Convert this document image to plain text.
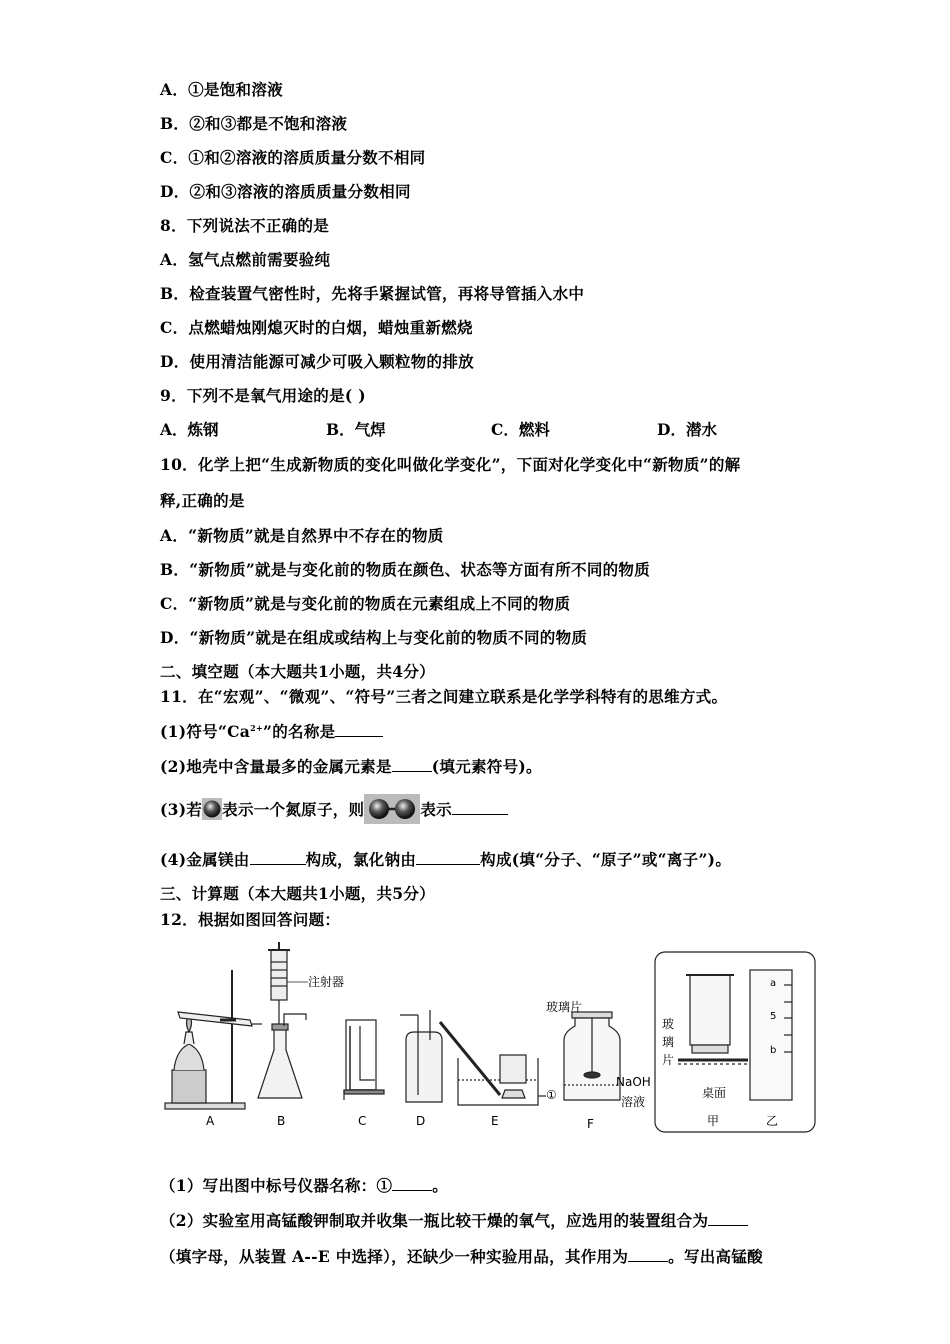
A．①是饱和溶液
B．②和③都是不饱和溶液
C．①和②溶液的溶质质量分数不相同
D．②和③溶液的溶质质量分数相同
8．下列说法不正确的是
A．氢气点燃前需要验纯
B．检查装置气密性时，先将手紧握试管，再将导管插入水中
C．点燃蜡烛刚熄灭时的白烟，蜡烛重新燃烧
D．使用清洁能源可减少可吸入颗粒物的排放
9．下列不是氧气用途的是( )
A．炼钢	B．气焊	C．燃料	D．潜水
10．化学上把“生成新物质的变化叫做化学变化”，下面对化学变化中“新物质”的解
释,正确的是
A．“新物质”就是自然界中不存在的物质
B．“新物质”就是与变化前的物质在颜色、状态等方面有所不同的物质
C．“新物质”就是与变化前的物质在元素组成上不同的物质
D．“新物质”就是在组成或结构上与变化前的物质不同的物质
二、填空题（本大题共1小题，共4分）
11．在“宏观”、“微观”、“符号”三者之间建立联系是化学学科特有的思维方式。
(1)符号“$Ca^{2+}$”的名称是
(2)地壳中含量最多的金属元素是	(填元素符号)。
(3)若 表示一个氮原子，则	表示
(4)金属镁由	构成，氯化钠由	构成(填“分子、“原子”或“离子”)。
三、计算题（本大题共1小题，共5分）
12．根据如图回答问题：
注射器
玻璃片
NaOH
溶液
①
A	B	C	D	E	F
玻
璃
片
桌面
甲	乙
a
5
b
（1）写出图中标号仪器名称：①	。
（2）实验室用高锰酸钾制取并收集一瓶比较干燥的氧气，应选用的装置组合为
（填字母，从装置 A--E 中选择），还缺少一种实验用品，其作用为	。写出高锰酸
